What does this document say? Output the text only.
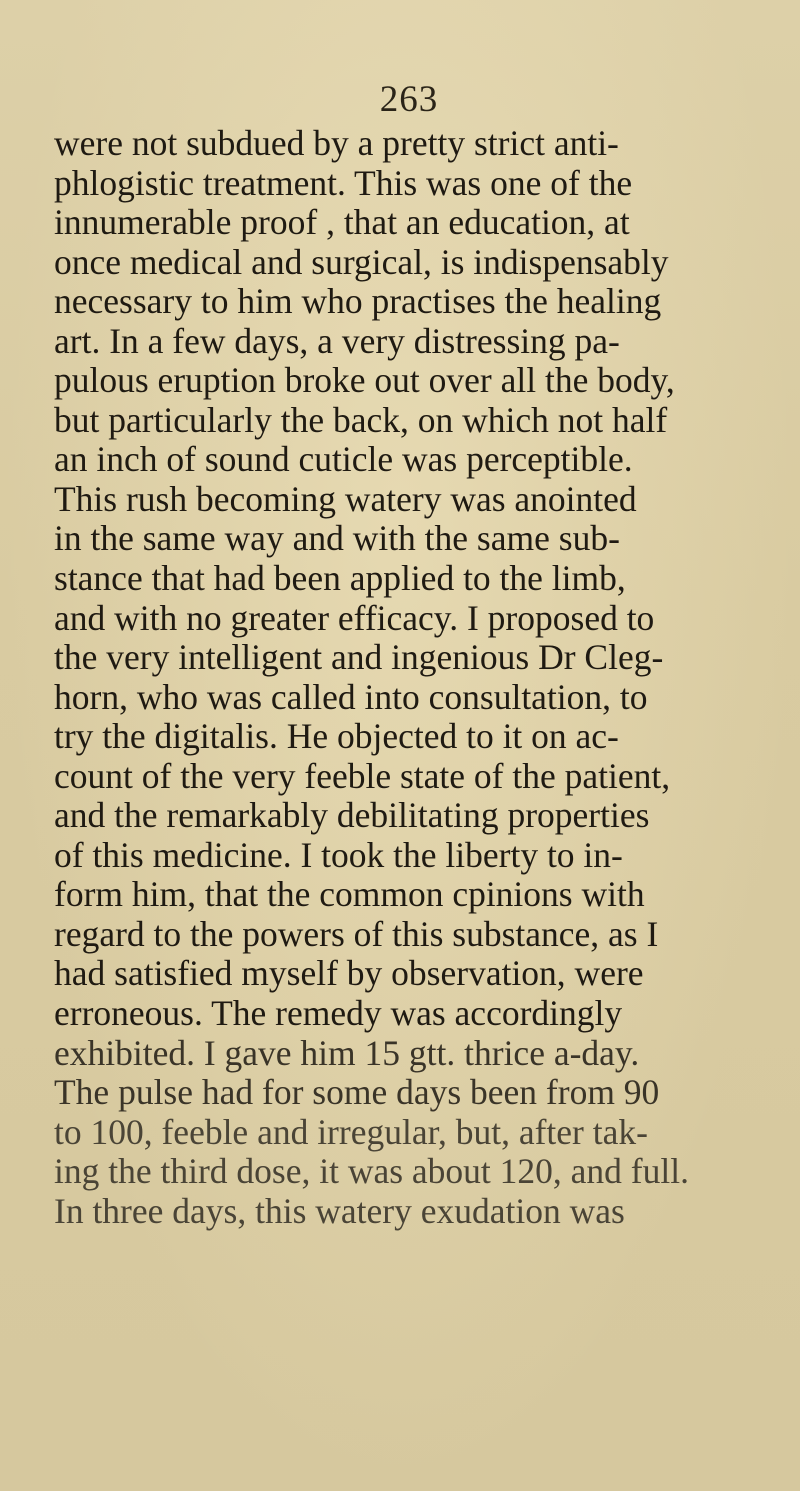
263
were not subdued by a pretty strict anti-
phlogistic treatment. This was one of the
innumerable proof , that an education, at
once medical and surgical, is indispensably
necessary to him who practises the healing
art. In a few days, a very distressing pa-
pulous eruption broke out over all the body,
but particularly the back, on which not half
an inch of sound cuticle was perceptible.
This rush becoming watery was anointed
in the same way and with the same sub-
stance that had been applied to the limb,
and with no greater efficacy. I proposed to
the very intelligent and ingenious Dr Cleg-
horn, who was called into consultation, to
try the digitalis. He objected to it on ac-
count of the very feeble state of the patient,
and the remarkably debilitating properties
of this medicine. I took the liberty to in-
form him, that the common cpinions with
regard to the powers of this substance, as I
had satisfied myself by observation, were
erroneous. The remedy was accordingly
exhibited. I gave him 15 gtt. thrice a-day.
The pulse had for some days been from 90
to 100, feeble and irregular, but, after tak-
ing the third dose, it was about 120, and full.
In three days, this watery exudation was
